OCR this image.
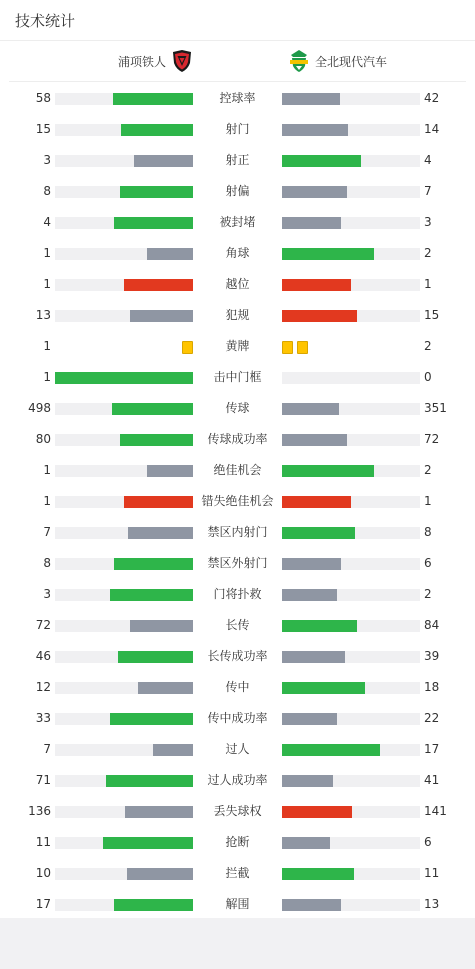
技术统计
浦项铁人	全北现代汽车
58	控球率	42
15	射门	14
3	射正	4
8	射偏	7
4	被封堵	3
1	角球	2
1	越位	1
13	犯规	15
1	黄牌	2
1	击中门框	0
498	传球	351
80	传球成功率	72
1	绝佳机会	2
1	错失绝佳机会	1
7	禁区内射门	8
8	禁区外射门	6
3	门将扑救	2
72	长传	84
46	长传成功率	39
12	传中	18
33	传中成功率	22
7	过人	17
71	过人成功率	41
136	丢失球权	141
11	抢断	6
10	拦截	11
17	解围	13
